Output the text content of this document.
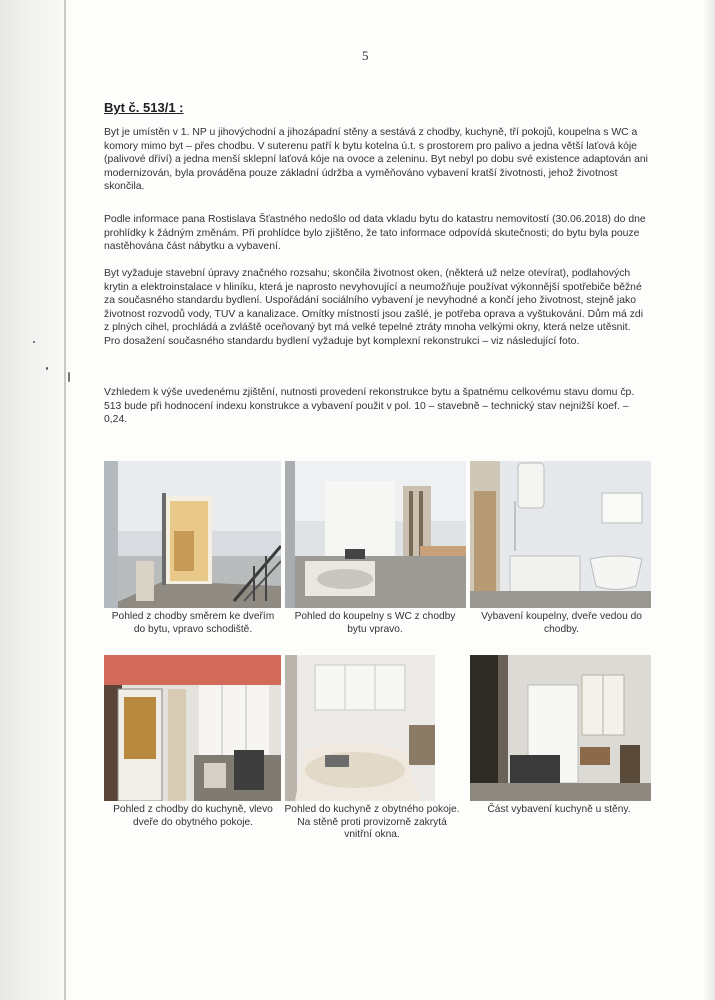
5
Byt č. 513/1 :

Byt je umístěn v 1. NP u jihovýchodní a jihozápadní stěny a sestává z chodby, kuchyně, tří pokojů, koupelna s WC a komory mimo byt – přes chodbu. V suterenu patří k bytu kotelna ú.t. s prostorem pro palivo a jedna větší laťová kóje (palivové dříví) a jedna menší sklepní laťová kóje na ovoce a zeleninu. Byt nebyl po dobu své existence adaptován ani modernizován, byla prováděna pouze základní údržba a vyměňováno vybavení kratší životnosti, jehož životnost skončila.

Podle informace pana Rostislava Šťastného nedošlo od data vkladu bytu do katastru nemovitostí (30.06.2018) do dne prohlídky k žádným změnám. Při prohlídce bylo zjištěno, že tato informace odpovídá skutečnosti; do bytu byla pouze nastěhována část nábytku a vybavení.

Byt vyžaduje stavební úpravy značného rozsahu; skončila životnost oken, (některá už nelze otevírat), podlahových krytin a elektroinstalace v hliníku, která je naprosto nevyhovující a neumožňuje používat výkonnější spotřebiče běžné za současného standardu bydlení. Uspořádání sociálního vybavení je nevyhodné a končí jeho životnost, stejně jako životnost rozvodů vody, TUV a kanalizace. Omítky místností jsou zašlé, je potřeba oprava a vyštukování. Dům má zdi z plných cihel, prochládá a zvláště oceňovaný byt má velké tepelné ztráty mnoha velkými okny, která nelze utěsnit. Pro dosažení současného standardu bydlení vyžaduje byt komplexní rekonstrukci – viz následující foto.

Vzhledem k výše uvedenému zjištění, nutnosti provedení rekonstrukce bytu a špatnému celkovému stavu domu čp. 513 bude při hodnocení indexu konstrukce a vybavení použit v pol. 10 – stavebně – technický stav nejnižší koef. – 0,24.

Pohled z chodby směrem ke dveřím do bytu, vpravo schodiště.
Pohled do koupelny s WC z chodby bytu vpravo.
Vybavení koupelny, dveře vedou do chodby.
Pohled z chodby do kuchyně, vlevo dveře do obytného pokoje.
Pohled do kuchyně z obytného pokoje. Na stěně proti provizorně zakrytá vnitřní okna.
Část vybavení kuchyně u stěny.
